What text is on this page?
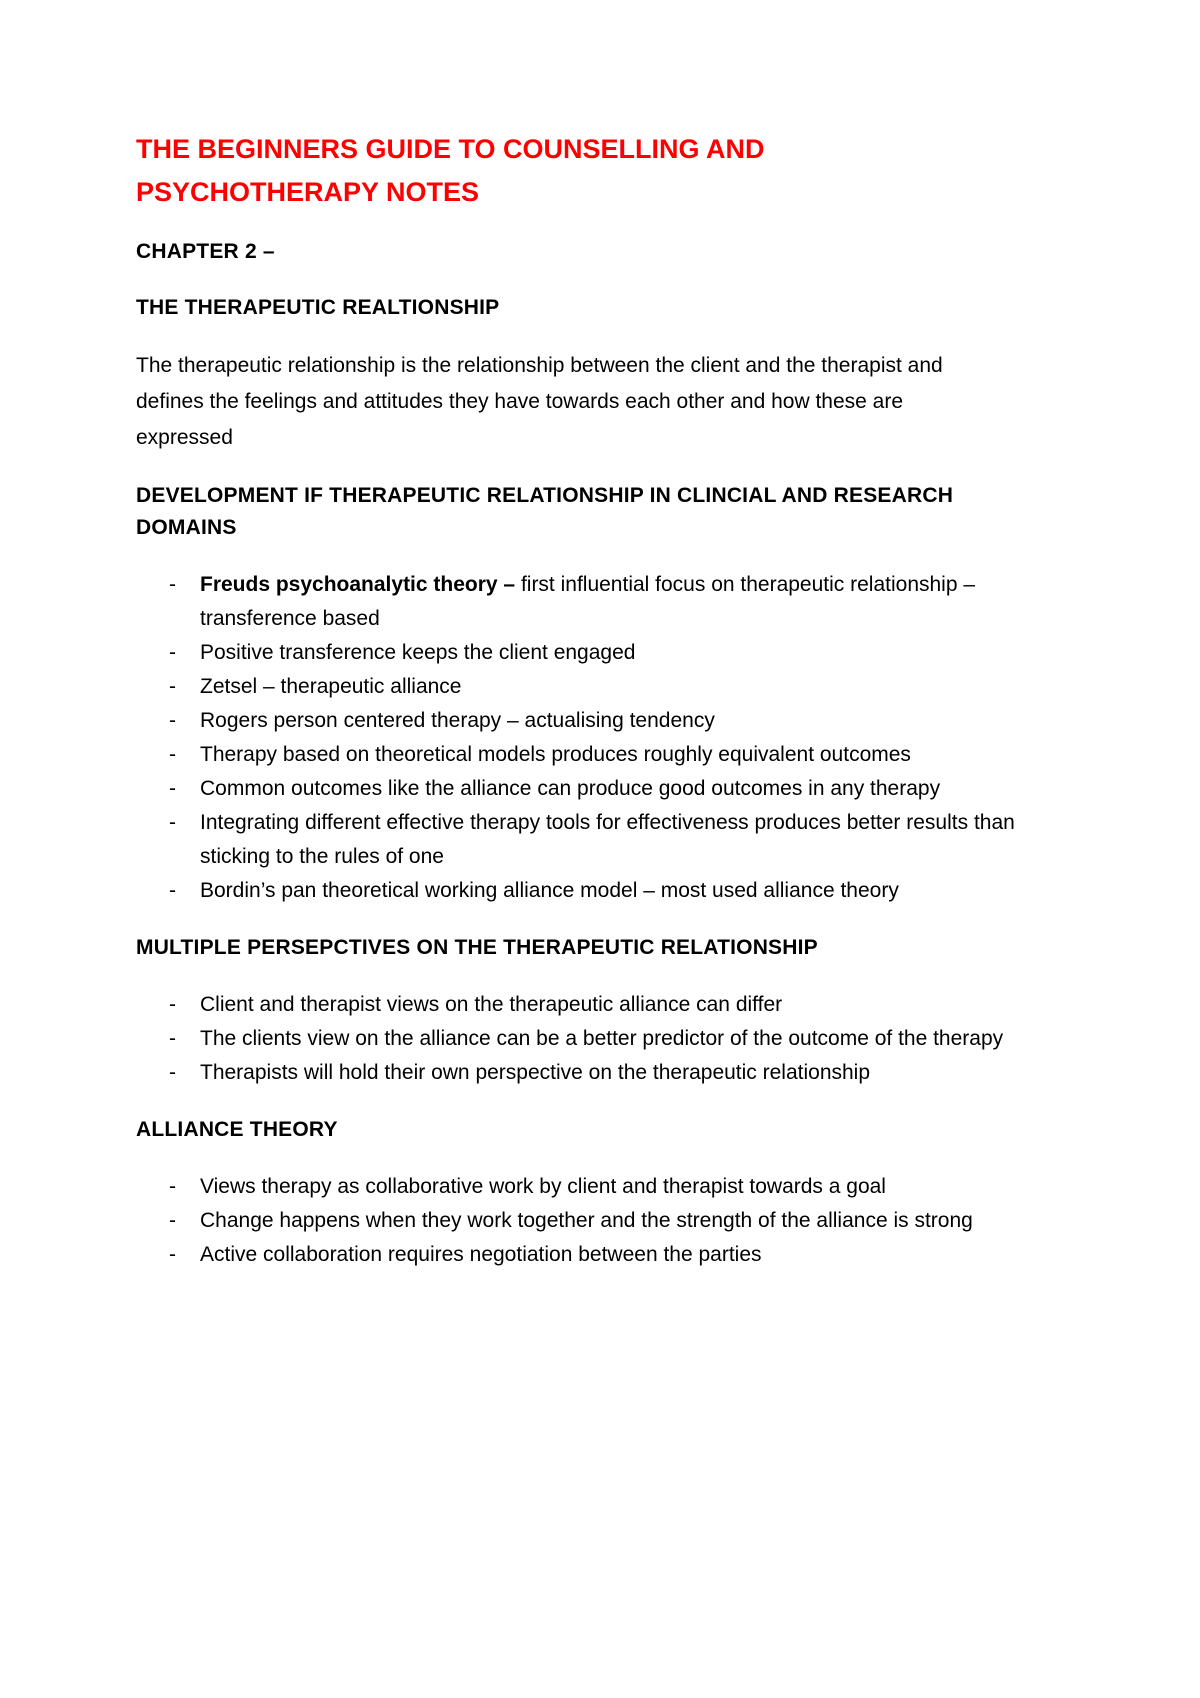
THE BEGINNERS GUIDE TO COUNSELLING AND PSYCHOTHERAPY NOTES
CHAPTER 2 –
THE THERAPEUTIC REALTIONSHIP

The therapeutic relationship is the relationship between the client and the therapist and defines the feelings and attitudes they have towards each other and how these are expressed

DEVELOPMENT IF THERAPEUTIC RELATIONSHIP IN CLINCIAL AND RESEARCH DOMAINS
- Freuds psychoanalytic theory – first influential focus on therapeutic relationship – transference based
- Positive transference keeps the client engaged
- Zetsel – therapeutic alliance
- Rogers person centered therapy – actualising tendency
- Therapy based on theoretical models produces roughly equivalent outcomes
- Common outcomes like the alliance can produce good outcomes in any therapy
- Integrating different effective therapy tools for effectiveness produces better results than sticking to the rules of one
- Bordin’s pan theoretical working alliance model – most used alliance theory
MULTIPLE PERSEPCTIVES ON THE THERAPEUTIC RELATIONSHIP
- Client and therapist views on the therapeutic alliance can differ
- The clients view on the alliance can be a better predictor of the outcome of the therapy
- Therapists will hold their own perspective on the therapeutic relationship
ALLIANCE THEORY
- Views therapy as collaborative work by client and therapist towards a goal
- Change happens when they work together and the strength of the alliance is strong
- Active collaboration requires negotiation between the parties
